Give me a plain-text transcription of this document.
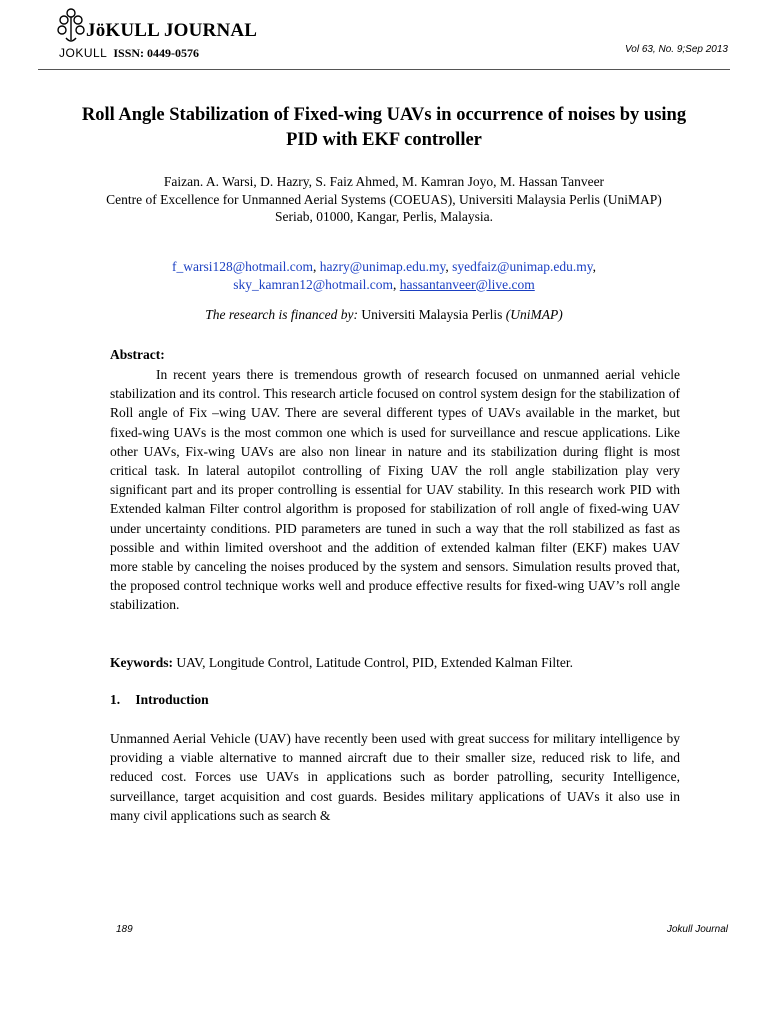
JöKULL JOURNAL
JOKULL ISSN: 0449-0576	Vol 63, No. 9;Sep 2013
Roll Angle Stabilization of Fixed-wing UAVs in occurrence of noises by using PID with EKF controller
Faizan. A. Warsi, D. Hazry, S. Faiz Ahmed, M. Kamran Joyo, M. Hassan Tanveer
Centre of Excellence for Unmanned Aerial Systems (COEUAS), Universiti Malaysia Perlis (UniMAP)
Seriab, 01000, Kangar, Perlis, Malaysia.
f_warsi128@hotmail.com, hazry@unimap.edu.my, syedfaiz@unimap.edu.my,
sky_kamran12@hotmail.com, hassantanveer@live.com
The research is financed by: Universiti Malaysia Perlis (UniMAP)
Abstract:

In recent years there is tremendous growth of research focused on unmanned aerial vehicle stabilization and its control. This research article focused on control system design for the stabilization of Roll angle of Fix –wing UAV. There are several different types of UAVs available in the market, but fixed-wing UAVs is the most common one which is used for surveillance and rescue applications. Like other UAVs, Fix-wing UAVs are also non linear in nature and its stabilization during flight is most critical task. In lateral autopilot controlling of Fixing UAV the roll angle stabilization play very significant part and its proper controlling is essential for UAV stability. In this research work PID with Extended kalman Filter control algorithm is proposed for stabilization of roll angle of fixed-wing UAV under uncertainty conditions. PID parameters are tuned in such a way that the roll stabilized as fast as possible and within limited overshoot and the addition of extended kalman filter (EKF) makes UAV more stable by canceling the noises produced by the system and sensors. Simulation results proved that, the proposed control technique works well and produce effective results for fixed-wing UAV’s roll angle stabilization.

Keywords: UAV, Longitude Control, Latitude Control, PID, Extended Kalman Filter.
1. Introduction

Unmanned Aerial Vehicle (UAV) have recently been used with great success for military intelligence by providing a viable alternative to manned aircraft due to their smaller size, reduced risk to life, and reduced cost. Forces use UAVs in applications such as border patrolling, security Intelligence, surveillance, target acquisition and cost guards. Besides military applications of UAVs it also use in many civil applications such as search &

189	Jokull Journal
